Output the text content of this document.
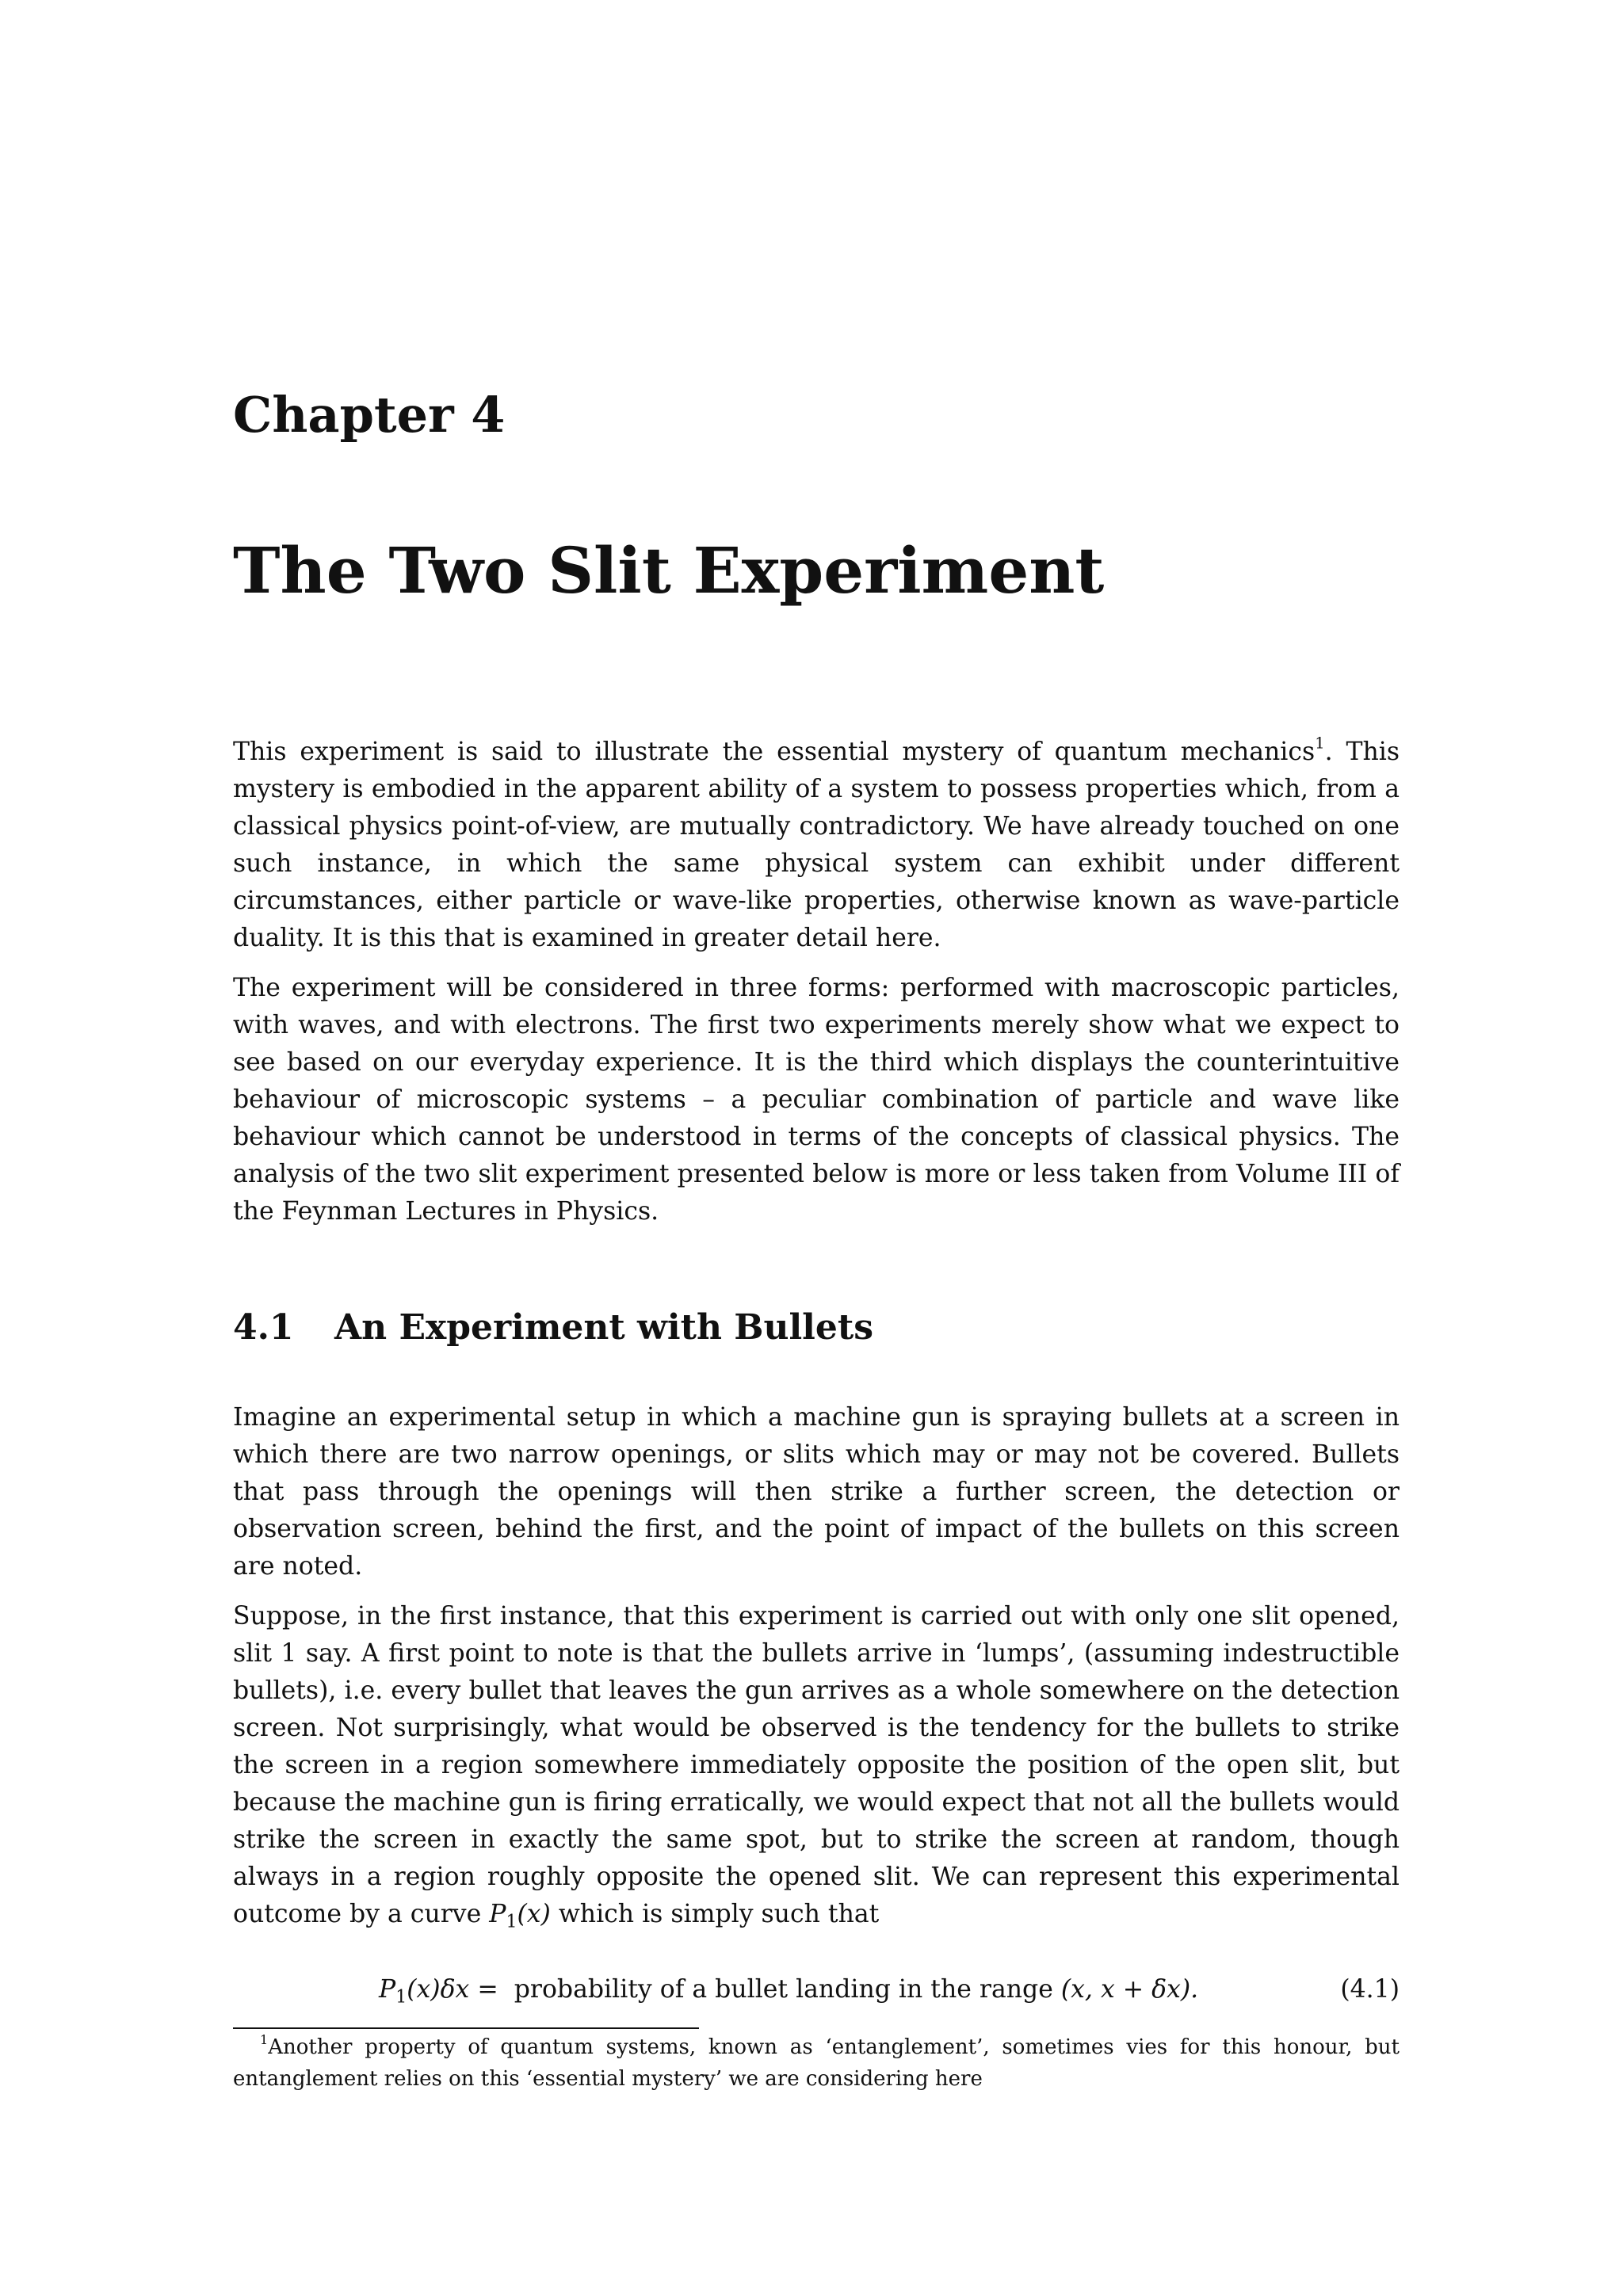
Chapter 4
The Two Slit Experiment

This experiment is said to illustrate the essential mystery of quantum mechanics$^1$. This mystery is embodied in the apparent ability of a system to possess properties which, from a classical physics point-of-view, are mutually contradictory. We have already touched on one such instance, in which the same physical system can exhibit under different circumstances, either particle or wave-like properties, otherwise known as wave-particle duality. It is this that is examined in greater detail here.

The experiment will be considered in three forms: performed with macroscopic particles, with waves, and with electrons. The first two experiments merely show what we expect to see based on our everyday experience. It is the third which displays the counterintuitive behaviour of microscopic systems – a peculiar combination of particle and wave like behaviour which cannot be understood in terms of the concepts of classical physics. The analysis of the two slit experiment presented below is more or less taken from Volume III of the Feynman Lectures in Physics.

4.1 An Experiment with Bullets

Imagine an experimental setup in which a machine gun is spraying bullets at a screen in which there are two narrow openings, or slits which may or may not be covered. Bullets that pass through the openings will then strike a further screen, the detection or observation screen, behind the first, and the point of impact of the bullets on this screen are noted.

Suppose, in the first instance, that this experiment is carried out with only one slit opened, slit 1 say. A first point to note is that the bullets arrive in ‘lumps’, (assuming indestructible bullets), i.e. every bullet that leaves the gun arrives as a whole somewhere on the detection screen. Not surprisingly, what would be observed is the tendency for the bullets to strike the screen in a region somewhere immediately opposite the position of the open slit, but because the machine gun is firing erratically, we would expect that not all the bullets would strike the screen in exactly the same spot, but to strike the screen at random, though always in a region roughly opposite the opened slit. We can represent this experimental outcome by a curve $P_1(x)$ which is simply such that

$P_1(x)\delta x$ = probability of a bullet landing in the range (x, x + δx).	(4.1)

$^1$Another property of quantum systems, known as ‘entanglement’, sometimes vies for this honour, but entanglement relies on this ‘essential mystery’ we are considering here
